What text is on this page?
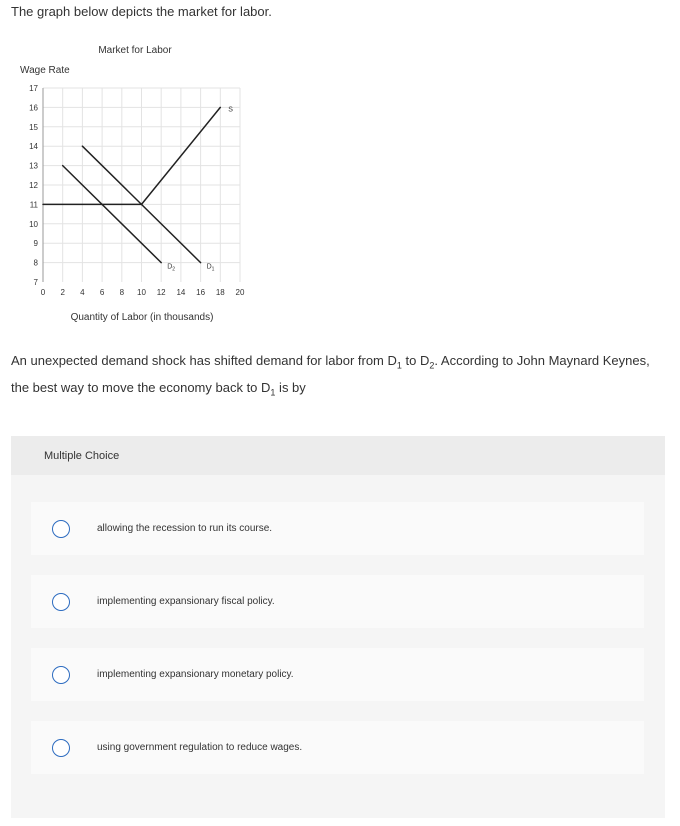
The graph below depicts the market for labor.
Market for Labor
Wage Rate
Quantity of Labor (in thousands)
7
8
9
10
11
12
13
14
15
16
17
0 2 4 6 8 10 12 14 16 18 20
S
$D_1$
$D_2$
An unexpected demand shock has shifted demand for labor from $D_1$ to $D_2$. According to John Maynard Keynes, the best way to move the economy back to $D_1$ is by
Multiple Choice
allowing the recession to run its course.
implementing expansionary fiscal policy.
implementing expansionary monetary policy.
using government regulation to reduce wages.
